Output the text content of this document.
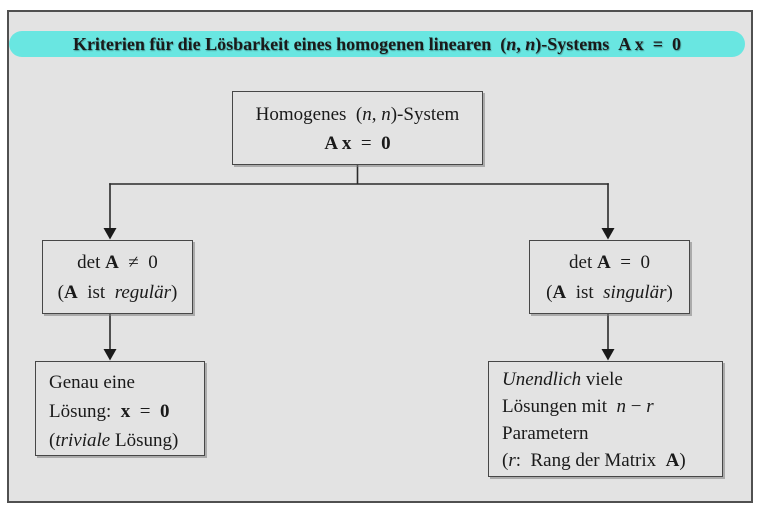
Kriterien für die Lösbarkeit eines homogenen linearen  ( n , n )-Systems A x  =  0
Homogenes  (n, n)-System
A x  =  0
det A  ≠  0
(A  ist  regulär)
det A  =  0
(A  ist  singulär)
Genau eine
Lösung:  x  =  0
(triviale Lösung)
Unendlich viele
Lösungen mit  n − r
Parametern
(r:  Rang der Matrix  A)
